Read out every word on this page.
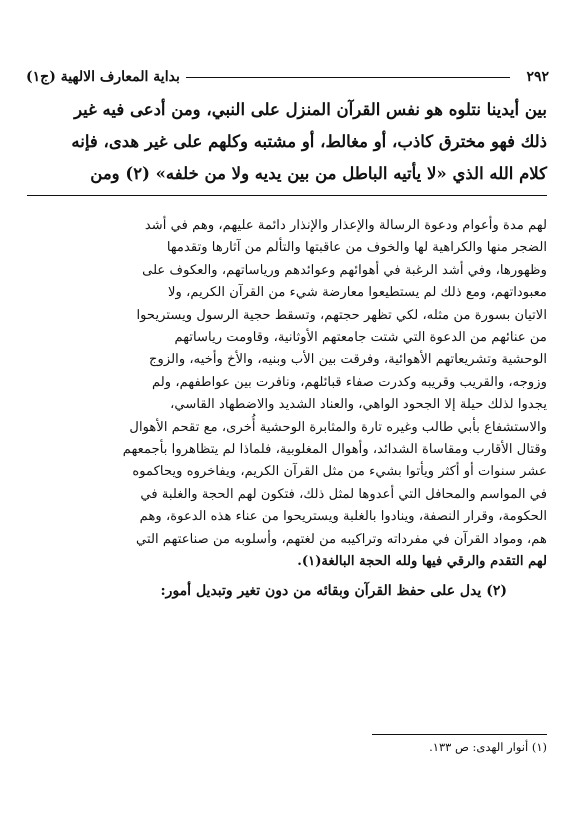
٢٩٢
بداية المعارف الالهية (ج١)

بين أيدينا نتلوه هو نفس القرآن المنزل على النبي، ومن أدعى فيه غير

ذلك فهو مخترق كاذب، أو مغالط، أو مشتبه وكلهم على غير هدى، فإنه

كلام الله الذي «لا يأتيه الباطل من بين يديه ولا من خلفه» (٢) ومن

لهم مدة وأعوام ودعوة الرسالة والإعذار والإنذار دائمة عليهم، وهم في أشد
الضجر منها والكراهية لها والخوف من عاقبتها والتألم من آثارها وتقدمها
وظهورها، وفي أشد الرغبة في أهوائهم وعوائدهم ورياساتهم، والعكوف على
معبوداتهم، ومع ذلك لم يستطيعوا معارضة شيء من القرآن الكريم، ولا
الاتيان بسورة من مثله، لكي تظهر حجتهم، وتسقط حجية الرسول ويستريحوا
من عنائهم من الدعوة التي شتت جامعتهم الأوثانية، وقاومت رياساتهم
الوحشية وتشريعاتهم الأهوائية، وفرقت بين الأب وبنيه، والأخ وأخيه، والزوج
وزوجه، والقريب وقريبه وكدرت صفاء قبائلهم، ونافرت بين عواطفهم، ولم
يجدوا لذلك حيلة إلا الجحود الواهي، والعناد الشديد والاضطهاد القاسي،
والاستشفاع بأبي طالب وغيره تارة والمثابرة الوحشية أُخرى، مع تقحم الأهوال
وقتال الأقارب ومقاساة الشدائد، وأهوال المغلوبية، فلماذا لم يتظاهروا بأجمعهم
عشر سنوات أو أكثر ويأتوا بشيء من مثل القرآن الكريم، ويفاخروه ويحاكموه
في المواسم والمحافل التي أعدوها لمثل ذلك، فتكون لهم الحجة والغلبة في
الحكومة، وقرار النصفة، وينادوا بالغلبة ويستريحوا من عناء هذه الدعوة، وهم
هم، ومواد القرآن في مفرداته وتراكيبه من لغتهم، وأسلوبه من صناعتهم التي
لهم التقدم والرقي فيها ولله الحجة البالغة(١).
(٢) يدل على حفظ القرآن وبقائه من دون تغير وتبديل أمور:
(١) أنوار الهدى: ص ١٣٣.
